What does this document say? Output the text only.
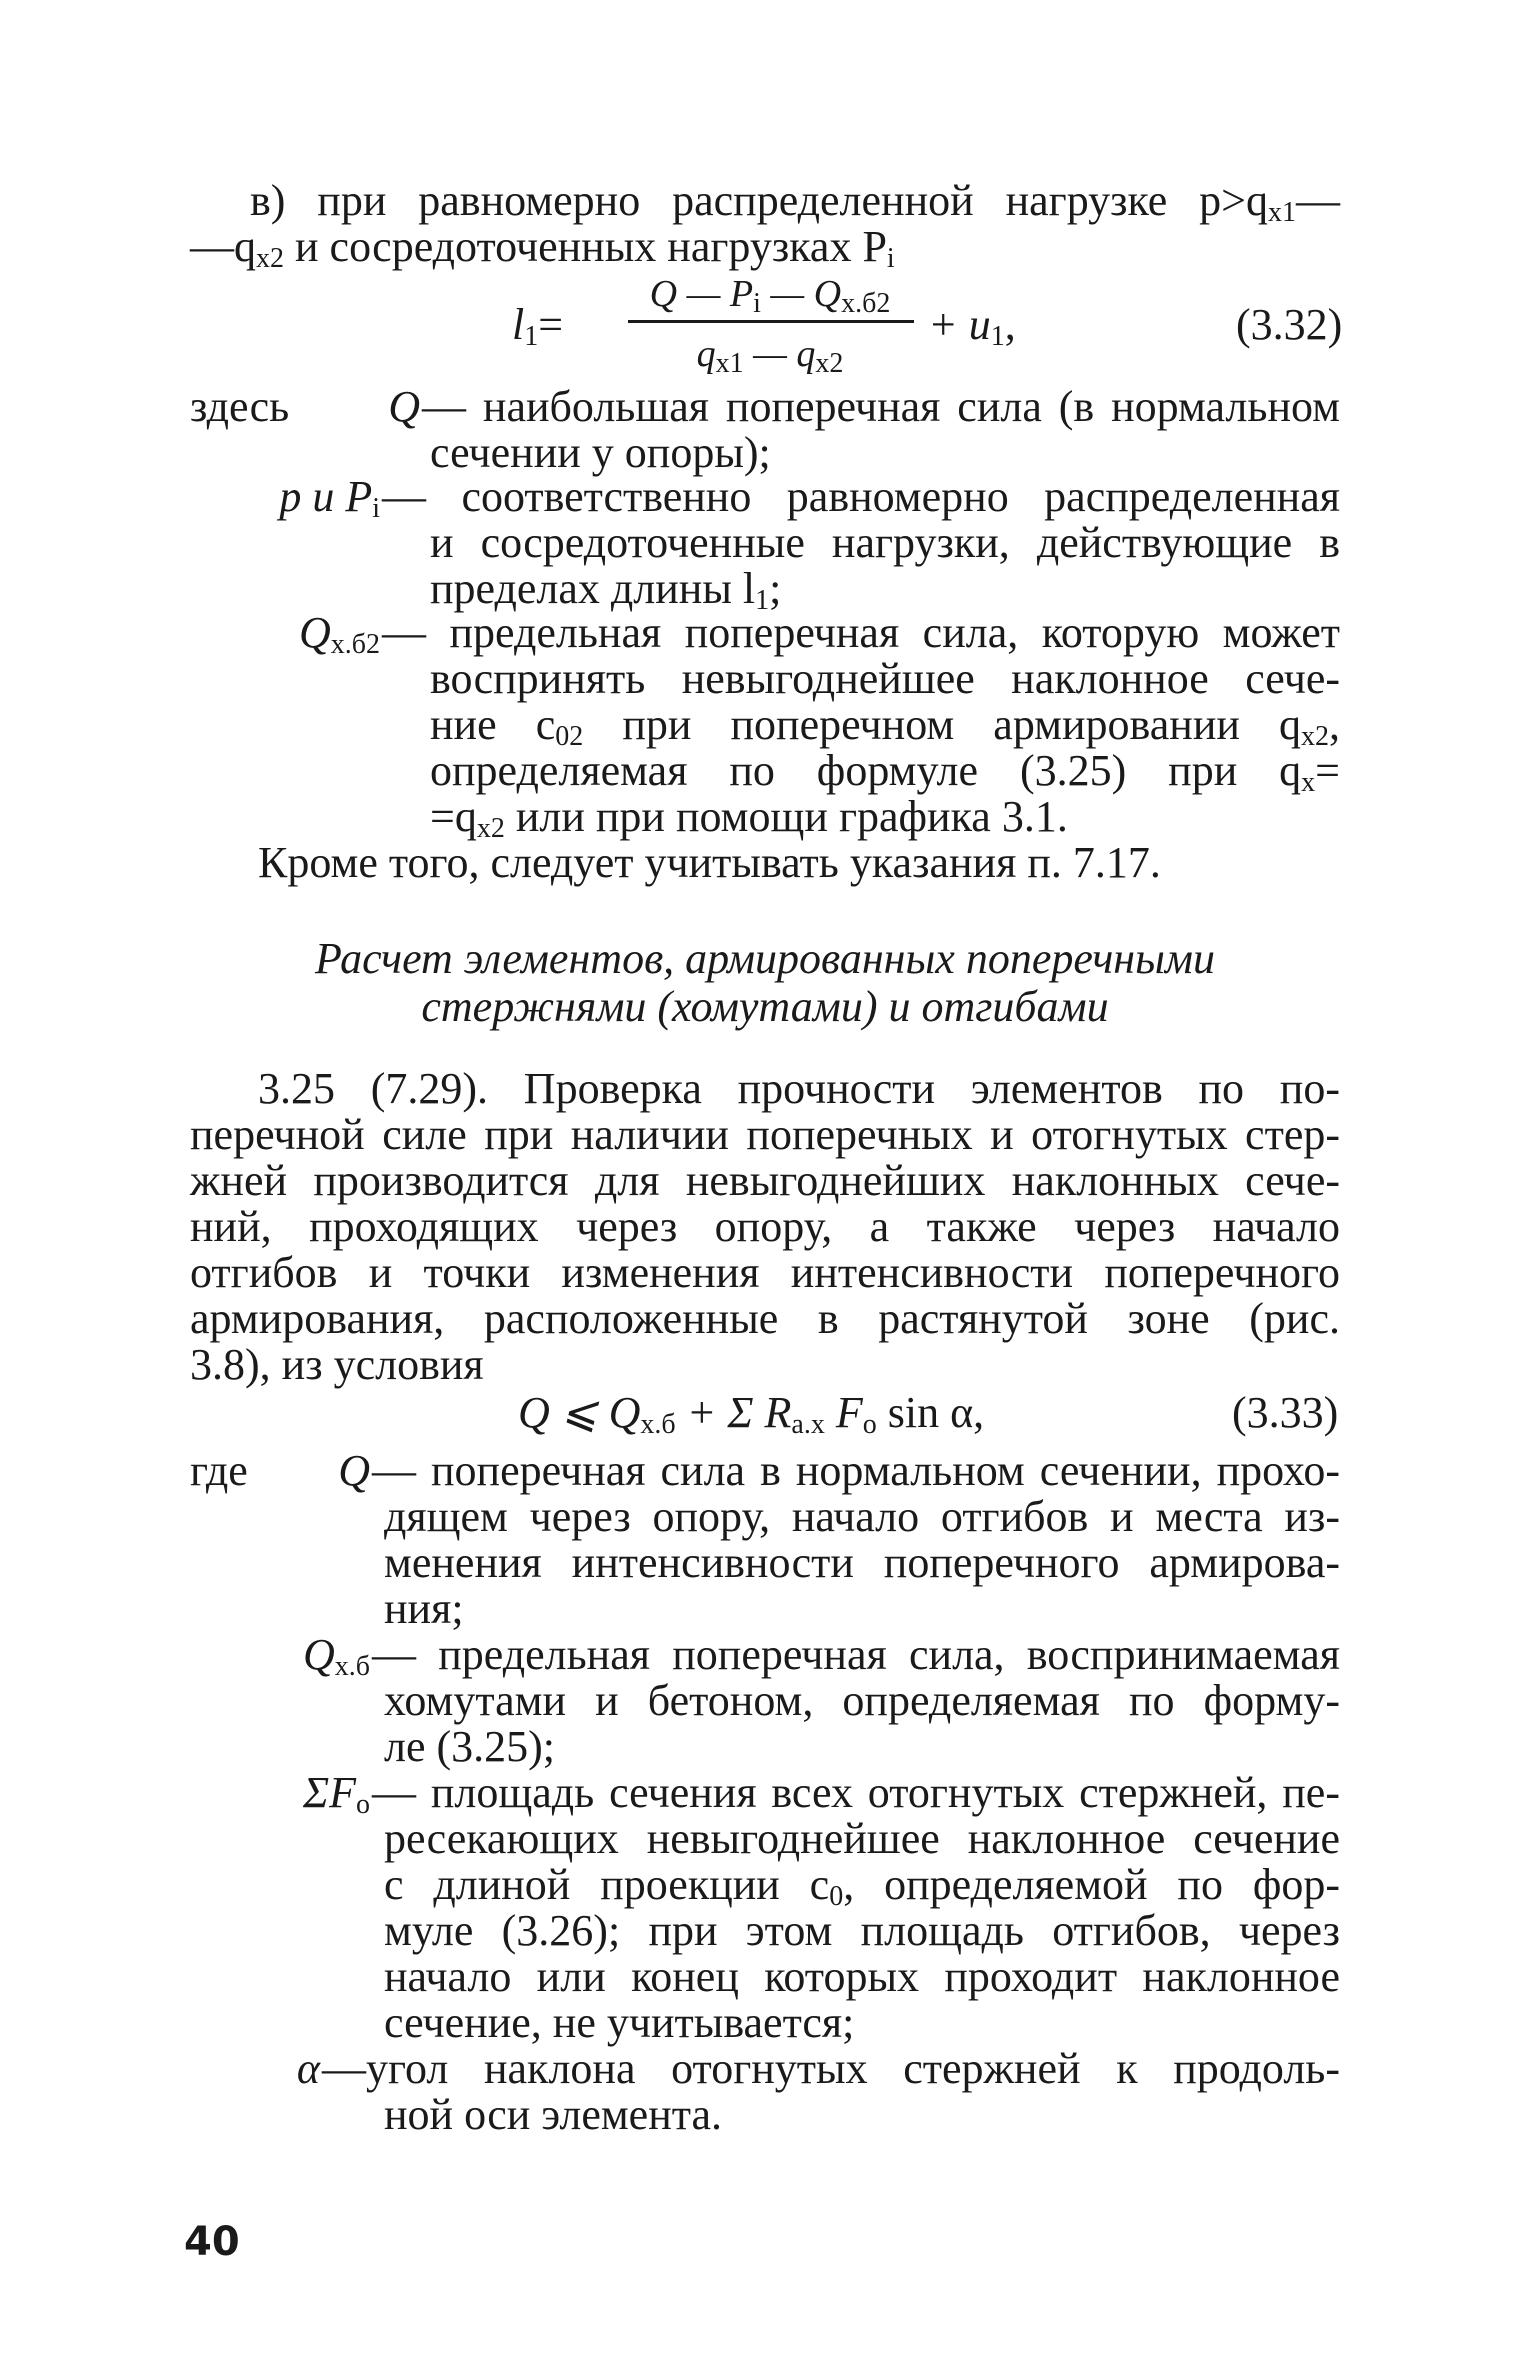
в) при равномерно распределенной нагрузке $p>q_{x1}—$
$—q_{x2}$ и сосредоточенных нагрузках $P_i$
$l_1=$
Q — $P_i$ — $Q_{x.б2}$
$q_{x1}$ — $q_{x2}$
+ $u_1$,	(3.32)
здесь	Q — наибольшая поперечная сила (в нормальном
сечении у опоры);
p и $P_i$ — соответственно равномерно распределенная
и сосредоточенные нагрузки, действующие в
пределах длины $l_1$;
$Q_{x.б2}$ — предельная поперечная сила, которую может
воспринять невыгоднейшее наклонное сече-
ние $c_{02}$ при поперечном армировании $q_{x2}$,
определяемая по формуле (3.25) при $q_x=$
$=q_{x2}$ или при помощи графика 3.1.
Кроме того, следует учитывать указания п. 7.17.
Расчет элементов, армированных поперечными
стержнями (хомутами) и отгибами
3.25 (7.29). Проверка прочности элементов по по-
перечной силе при наличии поперечных и отогнутых стер-
жней производится для невыгоднейших наклонных сече-
ний, проходящих через опору, а также через начало
отгибов и точки изменения интенсивности поперечного
армирования, расположенные в растянутой зоне (рис.
3.8), из условия
Q ⩽ $Q_{x.б} + \Sigma$ $R_{a.x}$ $F_o$ sin α,	(3.33)
где	Q — поперечная сила в нормальном сечении, прохо-
дящем через опору, начало отгибов и места из-
менения интенсивности поперечного армирова-
ния;
$Q_{x.б}$ — предельная поперечная сила, воспринимаемая
хомутами и бетоном, определяемая по форму-
ле (3.25);
$\Sigma F_o$ — площадь сечения всех отогнутых стержней, пе-
ресекающих невыгоднейшее наклонное сечение
с длиной проекции $c_0$, определяемой по фор-
муле (3.26); при этом площадь отгибов, через
начало или конец которых проходит наклонное
сечение, не учитывается;
α —угол наклона отогнутых стержней к продоль-
ной оси элемента.
40
